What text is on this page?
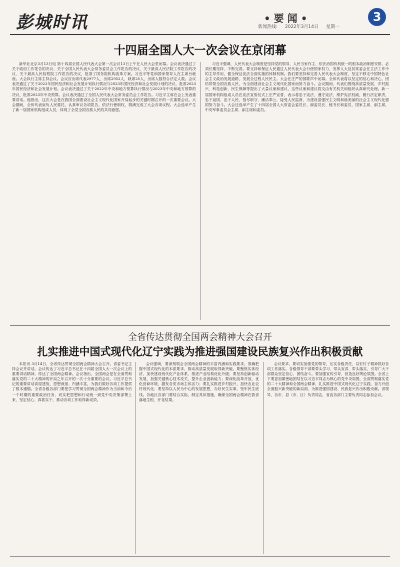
彭城时讯	• 要 闻 •	3
新闻热线: 2022年3月14日 星期一
十四届全国人大一次会议在京闭幕

新华社北京3月13日电 第十四届全国人民代表大会第一次会议13日上午在人民大会堂闭幕。会议表决通过了关于政府工作报告的决议、关于全国人民代表大会常务委员会工作报告的决议、关于最高人民法院工作报告的决议、关于最高人民检察院工作报告的决议，批准了国务院机构改革方案。习近平等党和国家领导人在主席台就座。大会执行主席主持会议。会议应出席代表2977人，出席2952人，缺席25人，出席人数符合法定人数。会议表决通过了关于2022年国民经济和社会发展计划执行情况与2023年国民经济和社会发展计划的决议，批准2023年国民经济和社会发展计划。会议表决通过了关于2022年中央和地方预算执行情况与2023年中央和地方预算的决议，批准2023年中央预算。会议表决通过了全国人民代表大会常务委员会工作报告。习近平主席在会上发表重要讲话。他指出，这次大会是在我国全面建设社会主义现代化国家开局起步的关键时期召开的一次重要会议。大会期间，全体代表肩负人民重托，认真审议各项报告，依法行使职权，圆满完成了大会各项议程。大会选举产生了新一届国家机构组成人员，体现了全党全国各族人民的共同意愿。

习近平强调，人民代表大会制度是坚持党的领导、人民当家作主、依法治国有机统一的根本政治制度安排，必须长期坚持、不断完善。要支持和保证人民通过人民代表大会行使国家权力，发挥人大及其常委会在立法工作中的主导作用，健全保证宪法全面实施的体制机制。我们要坚持和完善人民代表大会制度，坚定不移走中国特色社会主义政治发展道路，发展全过程人民民主。大会在庄严的国歌声中闭幕。全体代表将以坚定的信心和决心，团结带领全国各族人民，为全面建设社会主义现代化国家而努力奋斗。会议期间，代表们围绕高质量发展、乡村振兴、科技创新、民生保障等提出了大量议案和建议，这些议案和建议将交由有关机关和组织认真研究处理。新一届国家机构组成人员在宪法宣誓仪式上庄严宣誓，表示将忠于宪法、遵守宪法、维护宪法权威，履行法定职责，忠于祖国、忠于人民、恪尽职守、廉洁奉公，接受人民监督，为建设富强民主文明和谐美丽的社会主义现代化强国努力奋斗。大会还选举产生了十四届全国人大常委会委员长、副委员长、秘书长和委员，国家主席、副主席，中央军事委员会主席、副主席和委员。

全省传达贯彻全国两会精神大会召开
扎实推进中国式现代化辽宁实践为推进强国建设民族复兴作出积极贡献

本报讯 3月14日，全省传达贯彻全国两会精神大会召开。省委书记主持会议并讲话。会议传达了习近平总书记在十四届全国人大一次会议上的重要讲话精神，传达了全国两会精神。会议指出，全国两会是在全面贯彻落实党的二十大精神的开局之年召开的一次十分重要的会议。习近平总书记的重要讲话高屋建瓴、思想深邃、内涵丰富，为我们做好各项工作提供了根本遵循。全省各级各部门要把学习贯彻全国两会精神作为当前和今后一个时期的重要政治任务，切实把思想和行动统一到党中央决策部署上来，坚定信心、真抓实干，推动各项工作取得新成效。

会议强调，要深刻领会全国两会精神的丰富内涵和实践要求，准确把握中国式现代化的本质要求，推动高质量发展取得新突破。要聚焦实体经济，加快建设现代化产业体系，推进产业结构优化升级；要坚持创新驱动发展，加强关键核心技术攻关，提升企业创新能力；要深化改革开放，优化营商环境，激发各类市场主体活力；要扎实推进乡村振兴，加快农业农村现代化；要坚持以人民为中心的发展思想，办好民生实事，兜牢民生底线。各地区各部门要结合实际，制定具体措施，确保全国两会精神在我省落地生根、开花结果。

会议要求，要切实加强党的领导，压实各级责任，以钉钉子精神抓好各项工作落实。各级领导干部要带头学习、带头宣讲、带头落实，引导广大干部群众坚定信心、团结奋斗。要加强宣传引导，营造良好舆论氛围。全省上下要更加紧密地团结在以习近平同志为核心的党中央周围，全面贯彻落实党的二十大精神和全国两会精神，扎实推进中国式现代化辽宁实践，奋力开创全面振兴新突破的新局面，为推进强国建设、民族复兴作出积极贡献。省领导，各市、县（市、区）负责同志，省直各部门主要负责同志参加会议。
